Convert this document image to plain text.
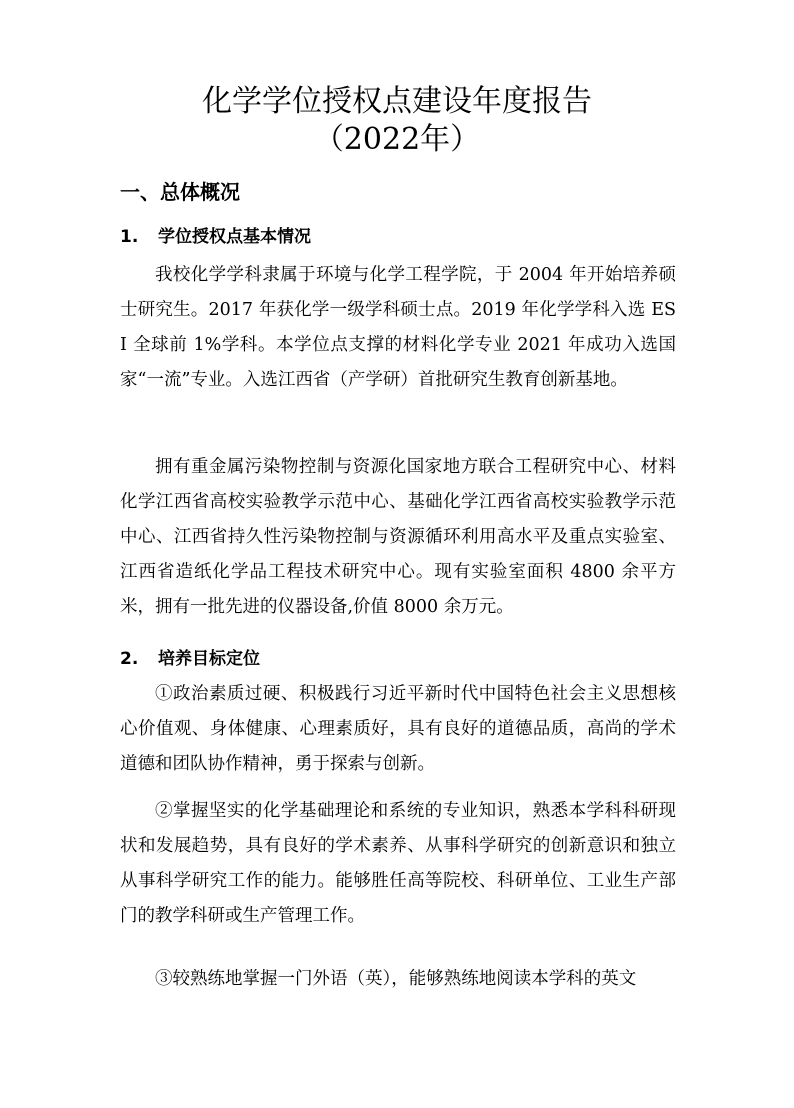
化学学位授权点建设年度报告
（2022年）
一、总体概况
1. 学位授权点基本情况

我校化学学科隶属于环境与化学工程学院，于 2004 年开始培养硕士研究生。2017 年获化学一级学科硕士点。2019 年化学学科入选 ESI 全球前 1%学科。本学位点支撑的材料化学专业 2021 年成功入选国家“一流”专业。入选江西省（产学研）首批研究生教育创新基地。

拥有重金属污染物控制与资源化国家地方联合工程研究中心、材料化学江西省高校实验教学示范中心、基础化学江西省高校实验教学示范中心、江西省持久性污染物控制与资源循环利用高水平及重点实验室、江西省造纸化学品工程技术研究中心。现有实验室面积 4800 余平方米，拥有一批先进的仪器设备,价值 8000 余万元。

2. 培养目标定位

①政治素质过硬、积极践行习近平新时代中国特色社会主义思想核心价值观、身体健康、心理素质好，具有良好的道德品质，高尚的学术道德和团队协作精神，勇于探索与创新。

②掌握坚实的化学基础理论和系统的专业知识，熟悉本学科科研现状和发展趋势，具有良好的学术素养、从事科学研究的创新意识和独立从事科学研究工作的能力。能够胜任高等院校、科研单位、工业生产部门的教学科研或生产管理工作。

③较熟练地掌握一门外语（英），能够熟练地阅读本学科的英文
